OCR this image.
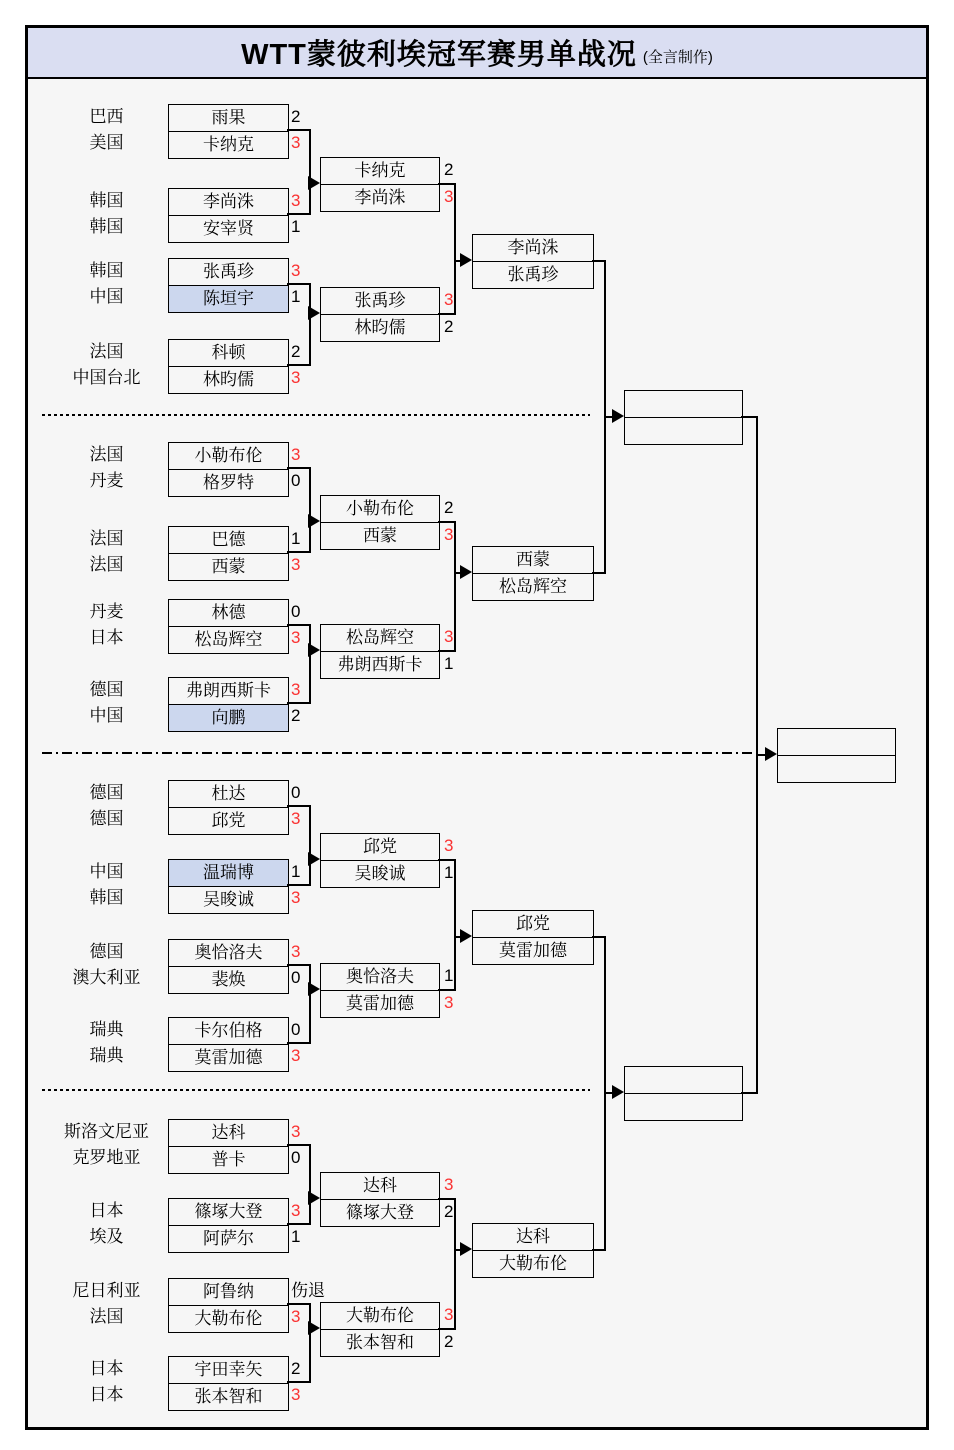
WTT蒙彼利埃冠军赛男单战况 (全言制作)
巴西
美国
雨果
卡纳克
2
3
韩国
韩国
李尚洙
安宰贤
3
1
韩国
中国
张禹珍
陈垣宇
3
1
法国
中国台北
科顿
林昀儒
2
3
卡纳克
李尚洙
2
3
张禹珍
林昀儒
3
2
李尚洙
张禹珍
法国
丹麦
小勒布伦
格罗特
3
0
法国
法国
巴德
西蒙
1
3
丹麦
日本
林德
松岛辉空
0
3
德国
中国
弗朗西斯卡
向鹏
3
2
小勒布伦
西蒙
2
3
松岛辉空
弗朗西斯卡
3
1
西蒙
松岛辉空
德国
德国
杜达
邱党
0
3
中国
韩国
温瑞博
吴晙诚
1
3
德国
澳大利亚
奥恰洛夫
裴焕
3
0
瑞典
瑞典
卡尔伯格
莫雷加德
0
3
邱党
吴晙诚
3
1
奥恰洛夫
莫雷加德
1
3
邱党
莫雷加德
斯洛文尼亚
克罗地亚
达科
普卡
3
0
日本
埃及
篠塚大登
阿萨尔
3
1
尼日利亚
法国
阿鲁纳
大勒布伦
伤退
3
日本
日本
宇田幸矢
张本智和
2
3
达科
篠塚大登
3
2
大勒布伦
张本智和
3
2
达科
大勒布伦
